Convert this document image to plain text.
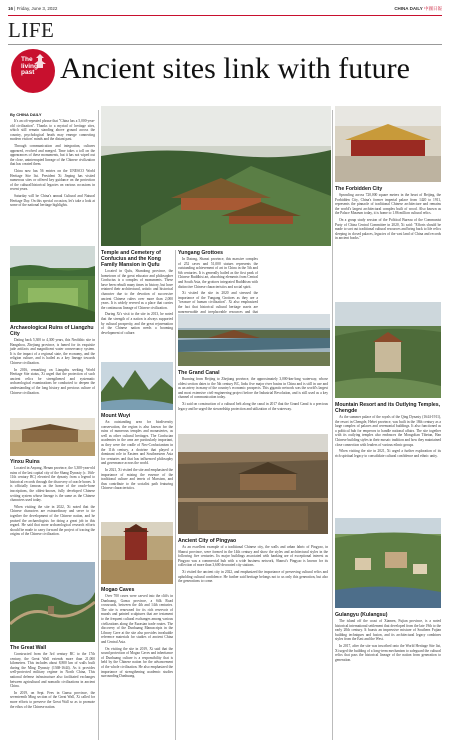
16 | Friday, June 3, 2022	CHINA DAILY 中國日報
LIFE
The living past Ancient sites link with future
By CHINA DAILY

It's an oft-repeated phrase that "China has a 5,000-year-old civilization". Thanks to a myriad of heritage sites, which still remain standing above ground across the country, psychological heads may emerge connecting modern visitors' minds and the distant past.

Through communication and integration, cultures appeared, evolved and merged. Time takes a toll on the appearances of these monuments, but it has not wiped out the close, uninterrupted lineage of the Chinese civilization that has created them.

China now has 56 entries on the UNESCO World Heritage Site list. President Xi Jinping has visited numerous sites or offered key guidance on the protection of the cultural/historical legacies on various occasions in recent years.

Saturday will be China's annual Cultural and Natural Heritage Day. On this special occasion, let's take a look at some of the national heritage highlights.

Archaeological Ruins of Liangzhu City

Dating back 5,300 to 4,300 years, this Neolithic site in Hangzhou, Zhejiang province, is famed for its exquisite jade artifacts and magnificent water conservancy system. It is the impact of a regional state, the economy, and the religion culture, and is hailed as a key lineage towards Chinese civilization.

In 2016, remarking on Liangzhu seeking World Heritage Site status, Xi urged that the protection of such ancient relics be strengthened and systematic archaeological examinations be conducted to deepen the understanding of the long history and precious culture of Chinese civilization.

Yinxu Ruins

Located in Anyang, Henan province, the 3,300-year-old ruins of the last capital city of the Shang Dynasty (c. 16th-11th century BC) elevated the dynasty from a legend to historical records through the discovery of oracle bones. It is officially famous as the home of the oracle-bone inscriptions, the oldest-known, fully developed Chinese writing system whose lineage is the same as the Chinese characters used today.

When visiting the site in 2022, Xi noted that the Chinese characters are extraordinary and serve to tie together the development of the Chinese nation, and he praised the archaeologists for doing a great job in this regard. He said that more archaeological research efforts should be made to carry forward the project of tracing the origins of the Chinese civilization.

The Great Wall

Constructed from the 3rd century BC to the 17th century, the Great Wall extends more than 21,000 kilometers. This includes about 8,800 km of walls built during the Ming Dynasty (1368-1644). As it provides well-protected military regime in North China, This national defense infrastructure also facilitated exchanges between agricultural and nomadic civilizations in ancient China.

In 2019, on Sept. Fees in Gansu province, the seventeenth Ming section of the Great Wall, Xi called for more efforts to preserve the Great Wall so as to promote the ethos of the Chinese nation.

Temple and Cemetery of Confucius and the Kong Family Mansion in Qufu

Located in Qufu, Shandong province, the hometown of the great educator and philosopher Confucius is a complex of monuments. These have been rebuilt many times in history, but have retained their architectural, artistic and historical character due to the devotion of successive ancient Chinese rulers over more than 2,000 years. It is widely revered as a place that carries the continuous lineage of Chinese civilization.

During Xi's visit to the site in 2013, he noted that the strength of a nation is always supported by cultural prosperity, and the great rejuvenation of the Chinese nation needs a booming development of culture.

Mount Wuyi

An outstanding area for biodiversity conservation, the region is also known for the ruins of numerous temples and monasteries, as well as other cultural heritages. The Confucian academies in the area are particularly important, as they were the cradle of Neo-Confucianism in the 11th century, a doctrine that played a dominant role in Eastern and Southeastern Asia for centuries and that has influenced philosophy and governance across the world.

In 2021, Xi visited the site and emphasized the importance of mixing the essence of the traditional culture and tenets of Marxism, and thus contribute to the socialist path featuring Chinese characteristics.

Mogao Caves

Over 700 caves were carved into the cliffs in Dunhuang, Gansu province, a Silk Road crossroads, between the 4th and 14th centuries. The site is renowned for its rich reservoir of murals and painted sculptures that are testament to the frequent cultural exchanges among various civilizations along the Eurasian trade routes. The discovery of the Dunhuang Manuscripts in the Library Cave at the site also provides invaluable reference materials for studies of ancient China and Central Asia.

On visiting the site in 2019, Xi said that the sound protection of Mogao Caves and inheritance of Dunhuang culture is a responsibility that is held by the Chinese nation for the advancement of the whole civilization. He also emphasized the importance of strengthening academic studies surrounding Dunhuang.

Yungang Grottoes

In Datong, Shanxi province, this massive complex of 252 caves and 51,000 statues represents the outstanding achievement of art in China in the 5th and 6th centuries. It is generally hailed as the first peak of Chinese Buddhist art, absorbing elements from Central and South Asia, the grottoes integrated Buddhism with distinctive Chinese characteristics and social spirit.

Xi visited the site in 2020 and stressed the importance of the Yungang Grottoes as they are a "treasure of human civilization". Xi also emphasized the fact that historical cultural heritage assets are nonrenewable and irreplaceable resources and that

The Grand Canal

Running from Beijing to Zhejiang province, the approximately 3,000-km-long waterway, whose oldest section dates to the 5th century BC, links five major river basins in China and is still in use and as an artery in many of the country's economic prospects. This gigantic network was the world's largest and most extensive civil-engineering project before the Industrial Revolution, and is still used as a key channel of communication today.

Xi said on construction of a cultural belt along the canal in 2017 that the Grand Canal is a precious legacy and he urged the stewardship protection and utilization of the waterway.

Ancient City of Pingyao

As an excellent example of a traditional Chinese city, the walls and urban fabric of Pingyao, in Shanxi province, were formed in the 14th century and show the styles and architectural styles in the following five centuries. Its major buildings associated with banking are of exceptional interest as Pingyao was a commercial hub with a wide business network, Shanxi's Pingyao is known for its collection of more than 3,600 decorated city stations.

Xi visited the ancient city in 2022, and emphasized the importance of preserving cultural relics and upholding cultural confidence. He further said heritage belongs not to us only this generation, but also the generations to come.

The Forbidden City

Sprawling across 720,000 square meters in the heart of Beijing, the Forbidden City, China's former imperial palace from 1420 to 1911, represents the pinnacle of traditional Chinese architecture and remains the world's largest architectural complex built of wood. Also known as the Palace Museum today, it is home to 1.86 million cultural relics.

On a group study session of the Political Bureau of the Communist Party of China Central Committee in 2020, Xi said: "Efforts should be made to sort out traditional cultural resources and bring back to life relics sleeping in closed palaces, legacies of the vast land of China and records in ancient books."

Mountain Resort and its Outlying Temples, Chengde

As the summer palace of the royals of the Qing Dynasty (1644-1911), the resort in Chengde, Hebei province, was built in the 18th century as a large complex of palaces and ceremonial buildings. It also functioned as a political hub for emperors to handle national affairs. The site together with its outlying temples also embraces the Mongolian Tibetan, Han Chinese building styles in their mosaic tradition and how they maintained close connection with leaders of various ethnic groups.

When visiting the site in 2021, Xi urged a further exploration of its rich spiritual legacy to consolidate cultural confidence and ethnic unity.

Gulangyu (Kulangsu)

The island off the coast of Xiamen, Fujian province, is a noted historical international settlement that developed from the late 19th to the early 20th century. It boasts an impressive mixture of Southern Fujian building techniques and fusion, and its architectural legacy combines styles from the East and the West.

In 2017, after the site was inscribed onto the World Heritage Site list, Xi urged the building of a long-term mechanism to safeguard the cultural relics that pass the historical lineage of the nation from generation to generation.
